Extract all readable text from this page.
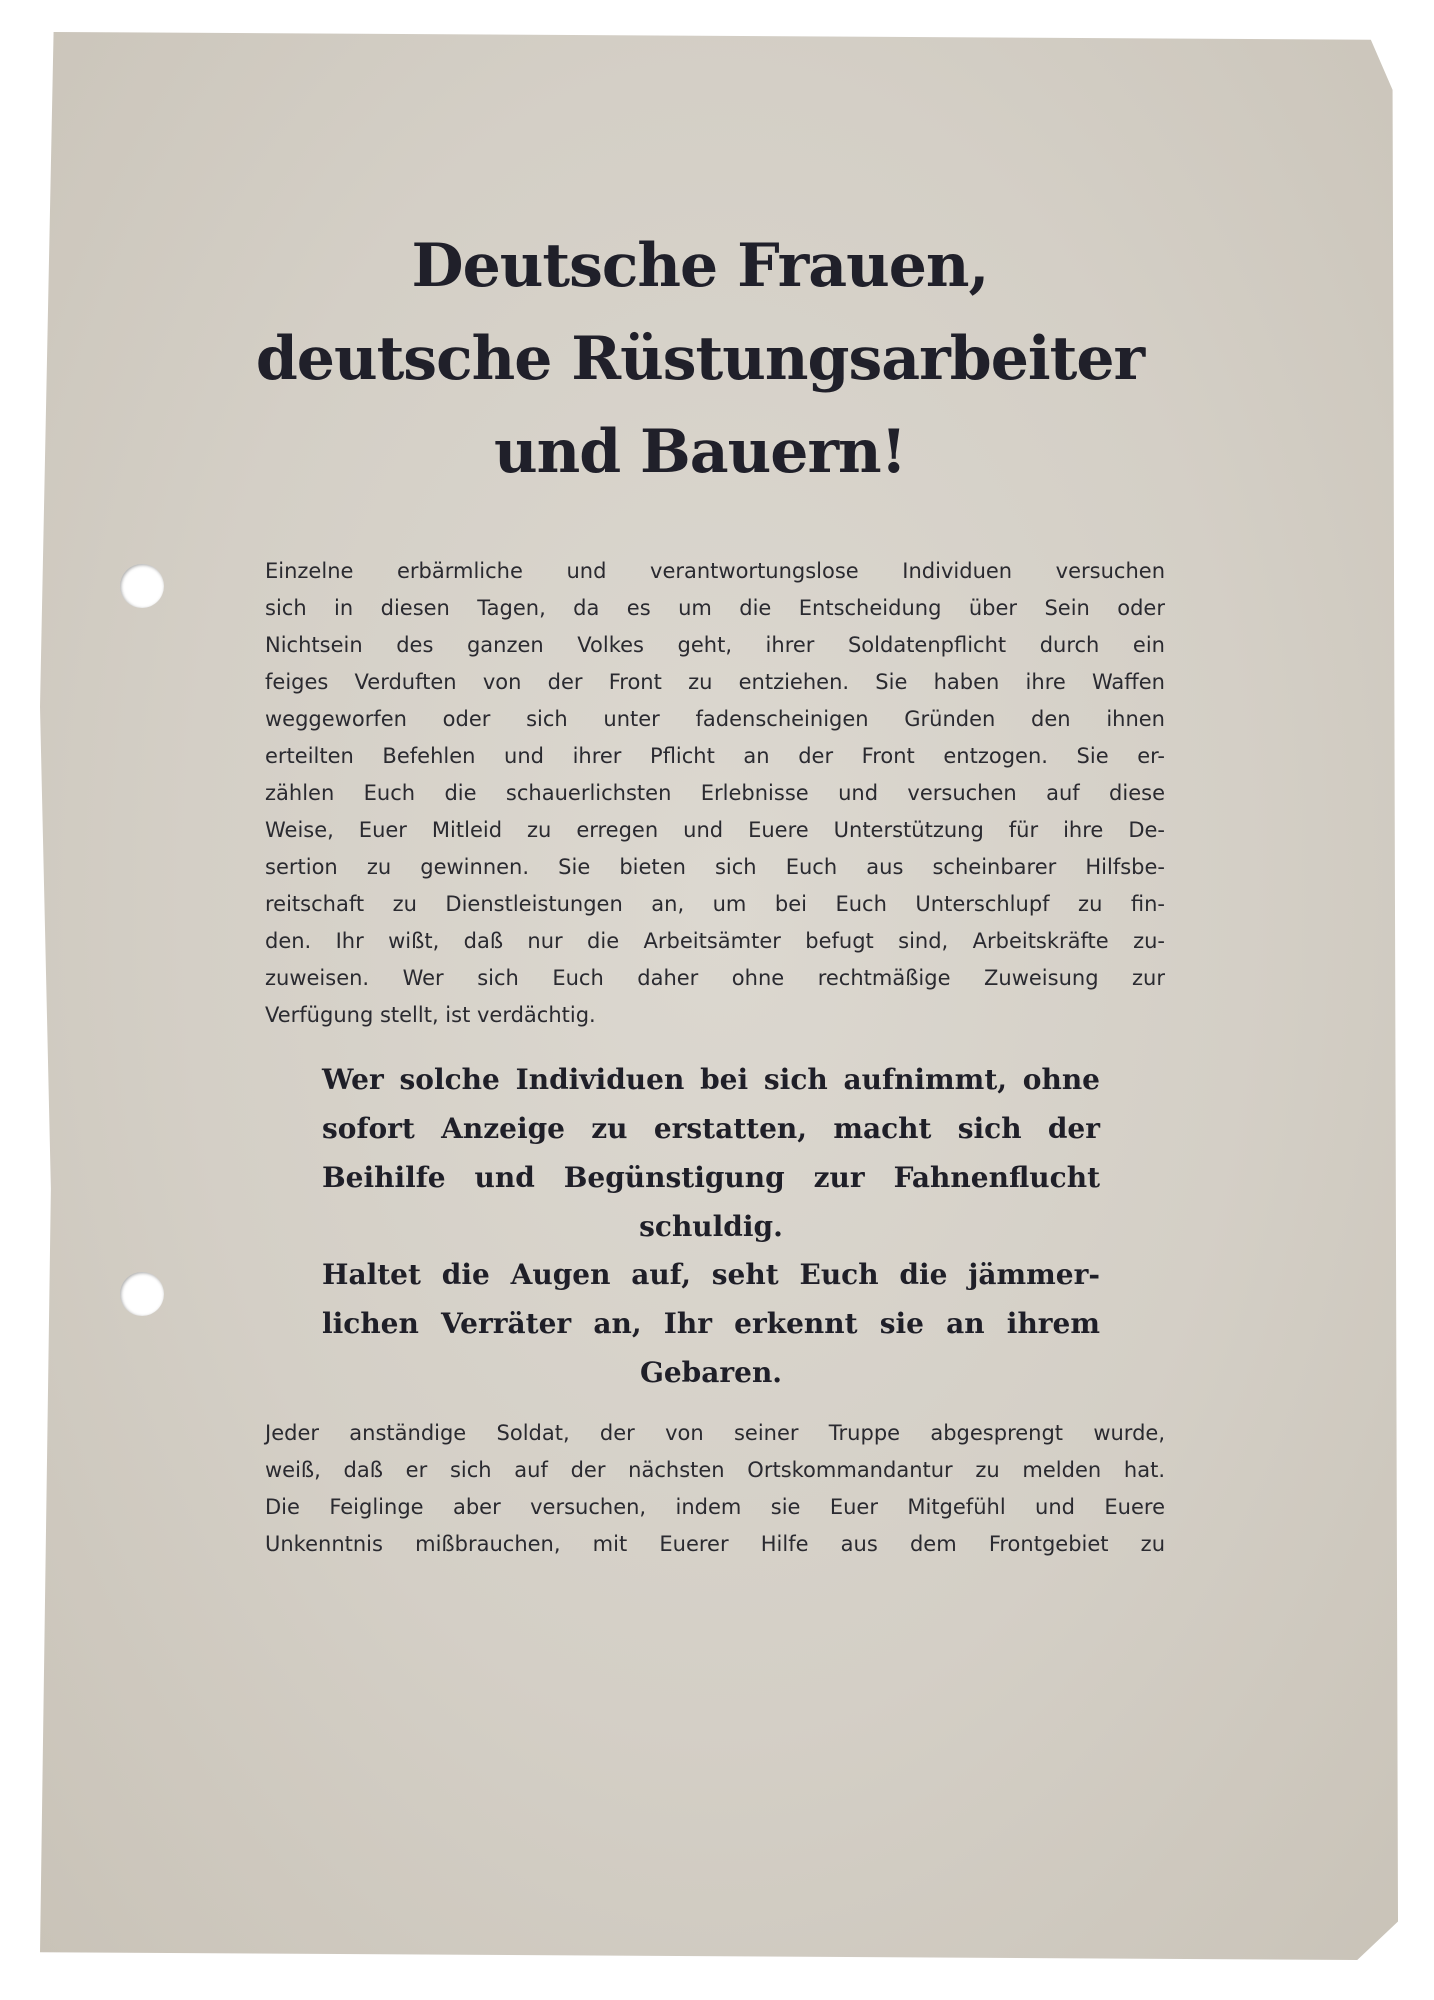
Deutsche Frauen,
deutsche Rüstungsarbeiter
und Bauern!

Einzelne erbärmliche und verantwortungslose Individuen versuchen
sich in diesen Tagen, da es um die Entscheidung über Sein oder
Nichtsein des ganzen Volkes geht, ihrer Soldatenpflicht durch ein
feiges Verduften von der Front zu entziehen. Sie haben ihre Waffen
weggeworfen oder sich unter fadenscheinigen Gründen den ihnen
erteilten Befehlen und ihrer Pflicht an der Front entzogen. Sie er-
zählen Euch die schauerlichsten Erlebnisse und versuchen auf diese
Weise, Euer Mitleid zu erregen und Euere Unterstützung für ihre De-
sertion zu gewinnen. Sie bieten sich Euch aus scheinbarer Hilfsbe-
reitschaft zu Dienstleistungen an, um bei Euch Unterschlupf zu fin-
den. Ihr wißt, daß nur die Arbeitsämter befugt sind, Arbeitskräfte zu-
zuweisen. Wer sich Euch daher ohne rechtmäßige Zuweisung zur
Verfügung stellt, ist verdächtig.

Wer solche Individuen bei sich aufnimmt, ohne
sofort Anzeige zu erstatten, macht sich der
Beihilfe und Begünstigung zur Fahnenflucht
schuldig.

Haltet die Augen auf, seht Euch die jämmer-
lichen Verräter an, Ihr erkennt sie an ihrem
Gebaren.

Jeder anständige Soldat, der von seiner Truppe abgesprengt wurde,
weiß, daß er sich auf der nächsten Ortskommandantur zu melden hat.
Die Feiglinge aber versuchen, indem sie Euer Mitgefühl und Euere
Unkenntnis mißbrauchen, mit Euerer Hilfe aus dem Frontgebiet zu
